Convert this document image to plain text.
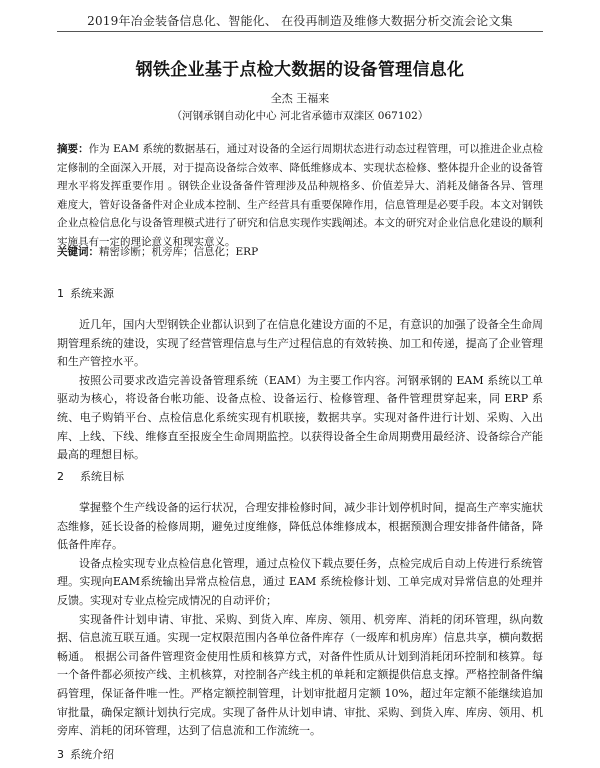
2019年冶金装备信息化、智能化、 在役再制造及维修大数据分析交流会论文集
钢铁企业基于点检大数据的设备管理信息化
全杰 王福来
（河钢承钢自动化中心 河北省承德市双滦区 067102）
摘要：作为 EAM 系统的数据基石，通过对设备的全运行周期状态进行动态过程管理，可以推进企业点检定修制的全面深入开展，对于提高设备综合效率、降低维修成本、实现状态检修、整体提升企业的设备管理水平将发挥重要作用 。钢铁企业设备备件管理涉及品种规格多、价值差异大、消耗及储备各异、管理难度大，管好设备备件对企业成本控制、生产经营具有重要保障作用，信息管理是必要手段。本文对钢铁企业点检信息化与设备管理模式进行了研究和信息实现作实践阐述。本文的研究对企业信息化建设的顺利实施具有一定的理论意义和现实意义。
关键词：精密诊断；机旁库；信息化；ERP
1 系统来源

近几年，国内大型钢铁企业都认识到了在信息化建设方面的不足，有意识的加强了设备全生命周期管理系统的建设，实现了经营管理信息与生产过程信息的有效转换、加工和传递，提高了企业管理和生产管控水平。

按照公司要求改造完善设备管理系统（EAM）为主要工作内容。河钢承钢的 EAM 系统以工单驱动为核心，将设备台帐功能、设备点检、设备运行、检修管理、备件管理贯穿起来，同 ERP 系统、电子购销平台、点检信息化系统实现有机联接，数据共享。实现对备件进行计划、采购、入出库、上线、下线、维修直至报废全生命周期监控。以获得设备全生命周期费用最经济、设备综合产能最高的理想目标。

2 系统目标

掌握整个生产线设备的运行状况，合理安排检修时间，减少非计划停机时间，提高生产率实施状态维修，延长设备的检修周期，避免过度维修，降低总体维修成本，根据预测合理安排备件储备，降低备件库存。

设备点检实现专业点检信息化管理，通过点检仪下载点要任务，点检完成后自动上传进行系统管理。实现向EAM系统输出异常点检信息，通过 EAM 系统检修计划、工单完成对异常信息的处理并反馈。实现对专业点检完成情况的自动评价；

实现备件计划申请、审批、采购、到货入库、库房、领用、机旁库、消耗的闭环管理，纵向数据、信息流互联互通。实现一定权限范围内各单位备件库存（一级库和机房库）信息共享，横向数据畅通。 根据公司备件管理资金使用性质和核算方式，对备件性质从计划到消耗闭环控制和核算。每一个备件都必须按产线、主机核算，对控制各产线主机的单耗和定额提供信息支撑。严格控制备件编码管理，保证备件唯一性。严格定额控制管理，计划审批超月定额 10%，超过年定额不能继续追加审批量，确保定额计划执行完成。实现了备件从计划申请、审批、采购、到货入库、库房、领用、机旁库、消耗的闭环管理，达到了信息流和工作流统一。

3 系统介绍
